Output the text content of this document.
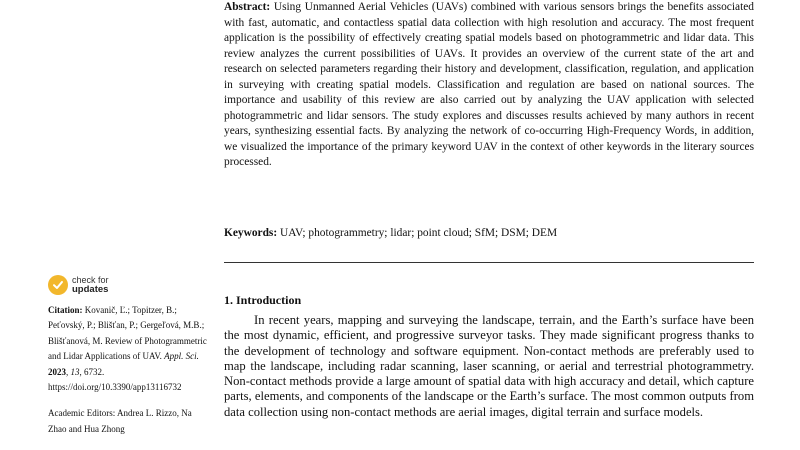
Abstract: Using Unmanned Aerial Vehicles (UAVs) combined with various sensors brings the benefits associated with fast, automatic, and contactless spatial data collection with high resolution and accuracy. The most frequent application is the possibility of effectively creating spatial models based on photogrammetric and lidar data. This review analyzes the current possibilities of UAVs. It provides an overview of the current state of the art and research on selected parameters regarding their history and development, classification, regulation, and application in surveying with creating spatial models. Classification and regulation are based on national sources. The importance and usability of this review are also carried out by analyzing the UAV application with selected photogrammetric and lidar sensors. The study explores and discusses results achieved by many authors in recent years, synthesizing essential facts. By analyzing the network of co-occurring High-Frequency Words, in addition, we visualized the importance of the primary keyword UAV in the context of other keywords in the literary sources processed.
Keywords: UAV; photogrammetry; lidar; point cloud; SfM; DSM; DEM
check for
updates

Citation: Kovanič, Ľ.; Topitzer, B.; Peťovský, P.; Blišťan, P.; Gergeľová, M.B.; Blišťanová, M. Review of Photogrammetric and Lidar Applications of UAV. Appl. Sci. 2023, 13, 6732. https://doi.org/10.3390/app13116732

Academic Editors: Andrea L. Rizzo, Na Zhao and Hua Zhong

1. Introduction

In recent years, mapping and surveying the landscape, terrain, and the Earth’s surface have been the most dynamic, efficient, and progressive surveyor tasks. They made significant progress thanks to the development of technology and software equipment. Non-contact methods are preferably used to map the landscape, including radar scanning, laser scanning, or aerial and terrestrial photogrammetry. Non-contact methods provide a large amount of spatial data with high accuracy and detail, which capture parts, elements, and components of the landscape or the Earth’s surface. The most common outputs from data collection using non-contact methods are aerial images, digital terrain and surface models.
